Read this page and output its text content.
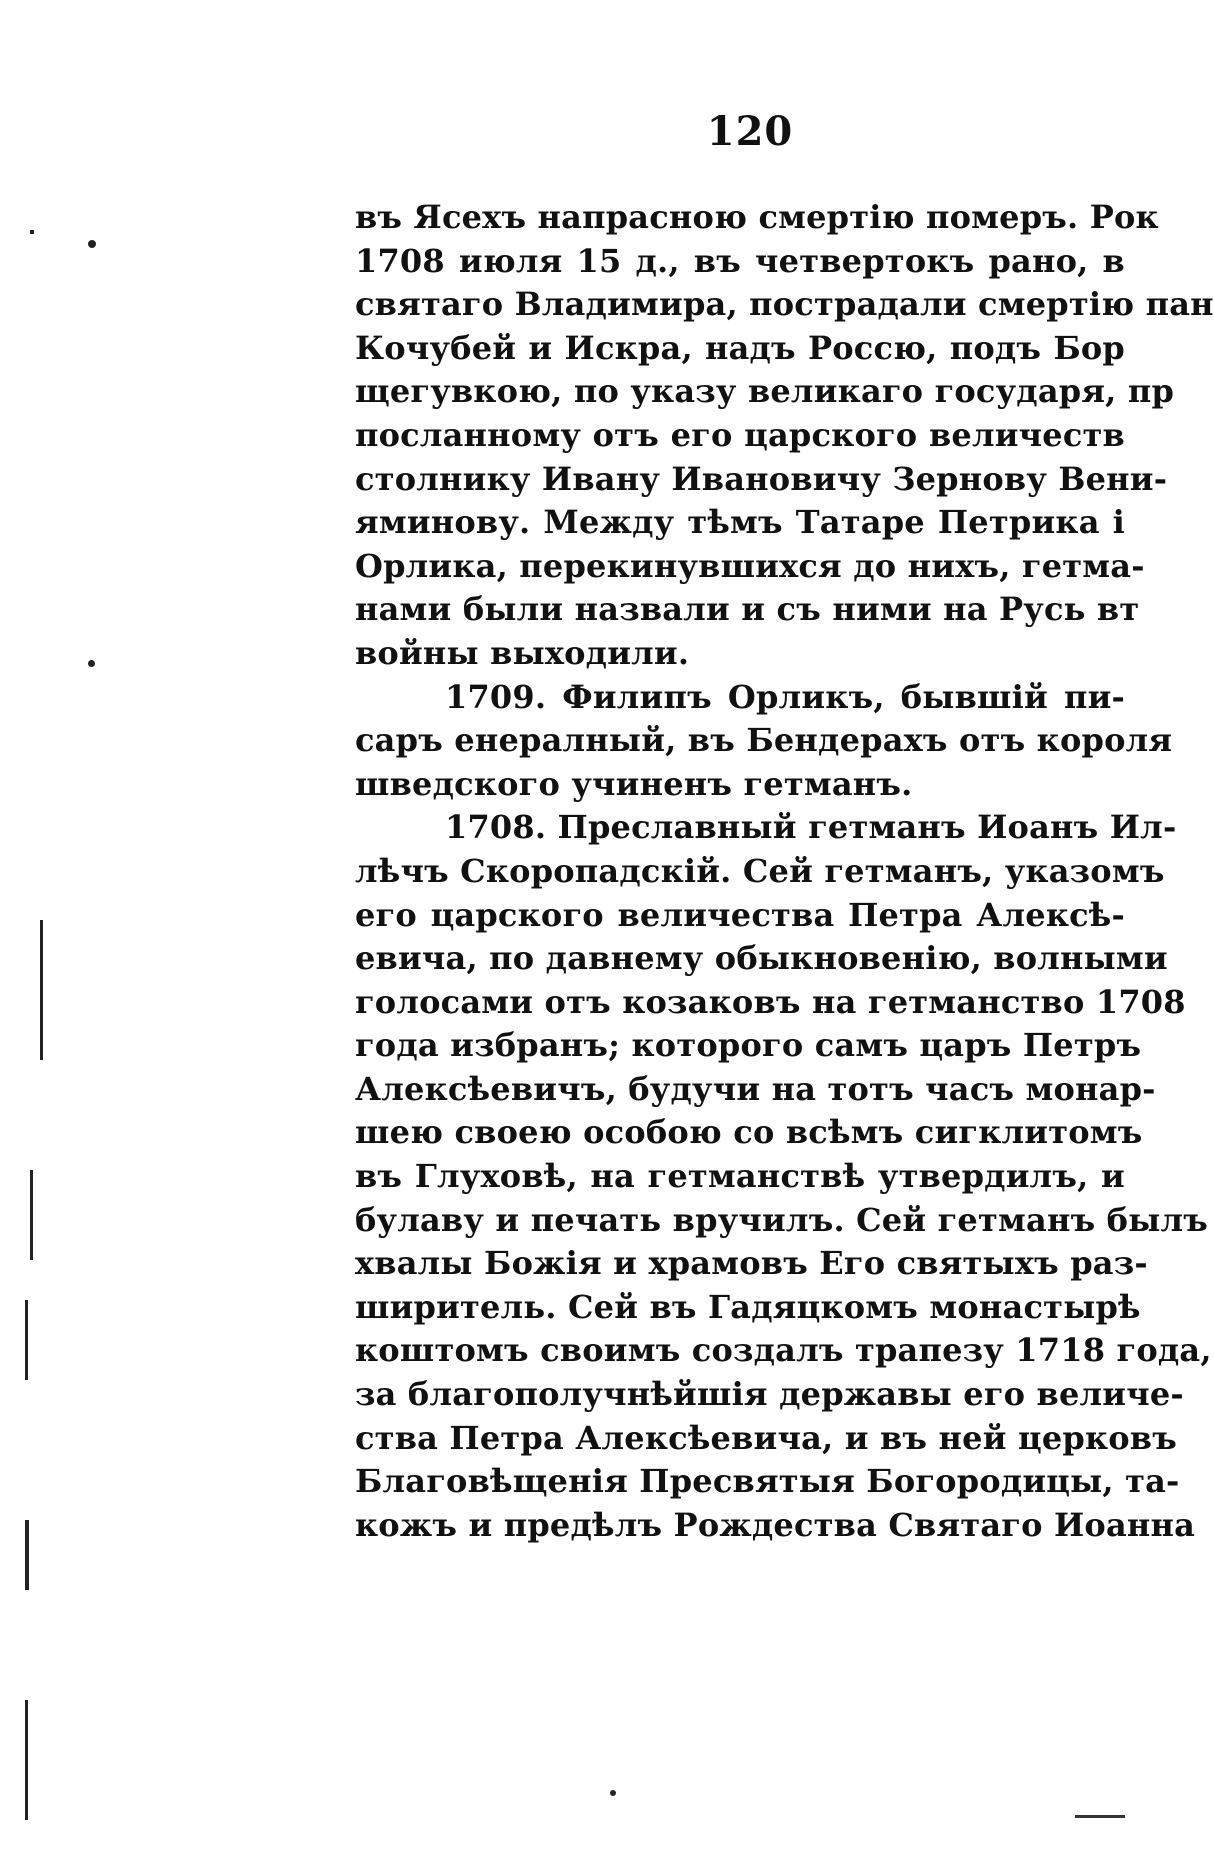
120
въ Ясехъ напрасною смертію померъ. Рок
1708 июля 15 д., въ четвертокъ рано, в
святаго Владимира, пострадали смертію пан
Кочубей и Искра, надъ Россю, подъ Бор
щегувкою, по указу великаго государя, пр
посланному отъ его царского величеств
столнику Ивану Ивановичу Зернову Вени-
яминову. Между тѣмъ Татаре Петрика і
Орлика, перекинувшихся до нихъ, гетма-
нами были назвали и съ ними на Русь вт
войны выходили.
1709. Филипъ Орликъ, бывшій пи-
саръ енералный, въ Бендерахъ отъ короля
шведского учиненъ гетманъ.
1708. Преславный гетманъ Иоанъ Ил-
лѣчъ Скоропадскій. Сей гетманъ, указомъ
его царского величества Петра Алексѣ-
евича, по давнему обыкновенію, волными
голосами отъ козаковъ на гетманство 1708
года избранъ; которого самъ царъ Петръ
Алексѣевичъ, будучи на тотъ часъ монар-
шею своею особою со всѣмъ сигклитомъ
въ Глуховѣ, на гетманствѣ утвердилъ, и
булаву и печать вручилъ. Сей гетманъ былъ
хвалы Божія и храмовъ Его святыхъ раз-
ширитель. Сей въ Гадяцкомъ монастырѣ
коштомъ своимъ создалъ трапезу 1718 года,
за благополучнѣйшія державы его величе-
ства Петра Алексѣевича, и въ ней церковъ
Благовѣщенія Пресвятыя Богородицы, та-
кожъ и предѣлъ Рождества Святаго Иоанна
